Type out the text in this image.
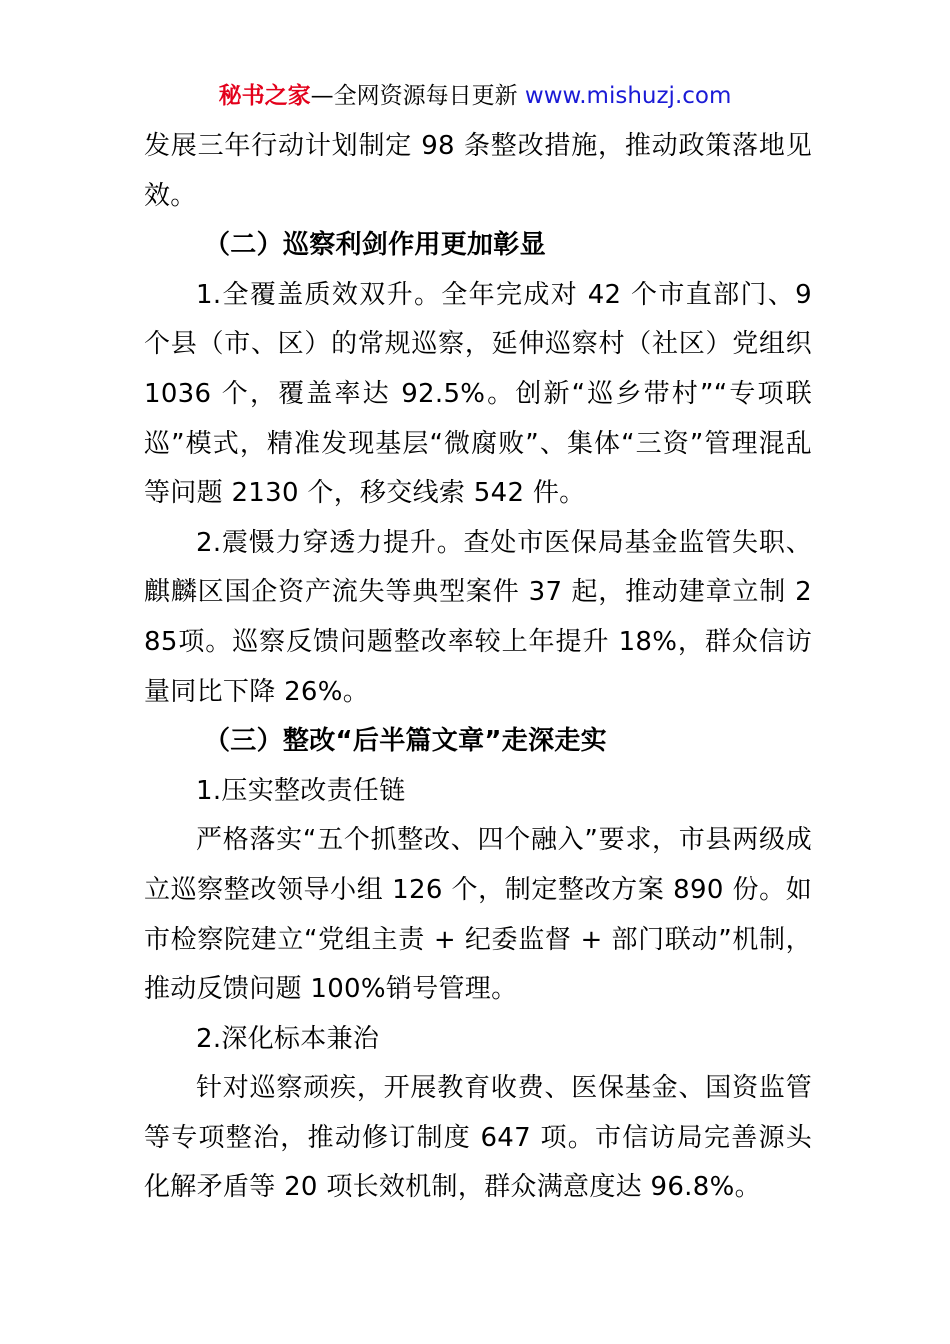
秘书之家—全网资源每日更新 www.mishuzj.com

发展三年行动计划制定 98 条整改措施，推动政策落地见效。

（二）巡察利剑作用更加彰显

1.全覆盖质效双升。全年完成对 42 个市直部门、9 个县（市、区）的常规巡察，延伸巡察村（社区）党组织1036 个，覆盖率达 92.5%。创新“巡乡带村”“专项联巡”模式，精准发现基层“微腐败”、集体“三资”管理混乱等问题 2130 个，移交线索 542 件。

2.震慑力穿透力提升。查处市医保局基金监管失职、麒麟区国企资产流失等典型案件 37 起，推动建章立制 285项。巡察反馈问题整改率较上年提升 18%，群众信访量同比下降 26%。

（三）整改“后半篇文章”走深走实

1.压实整改责任链

严格落实“五个抓整改、四个融入”要求，市县两级成立巡察整改领导小组 126 个，制定整改方案 890 份。如市检察院建立“党组主责 + 纪委监督 + 部门联动”机制，推动反馈问题 100%销号管理。

2.深化标本兼治

针对巡察顽疾，开展教育收费、医保基金、国资监管等专项整治，推动修订制度 647 项。市信访局完善源头化解矛盾等 20 项长效机制，群众满意度达 96.8%。
